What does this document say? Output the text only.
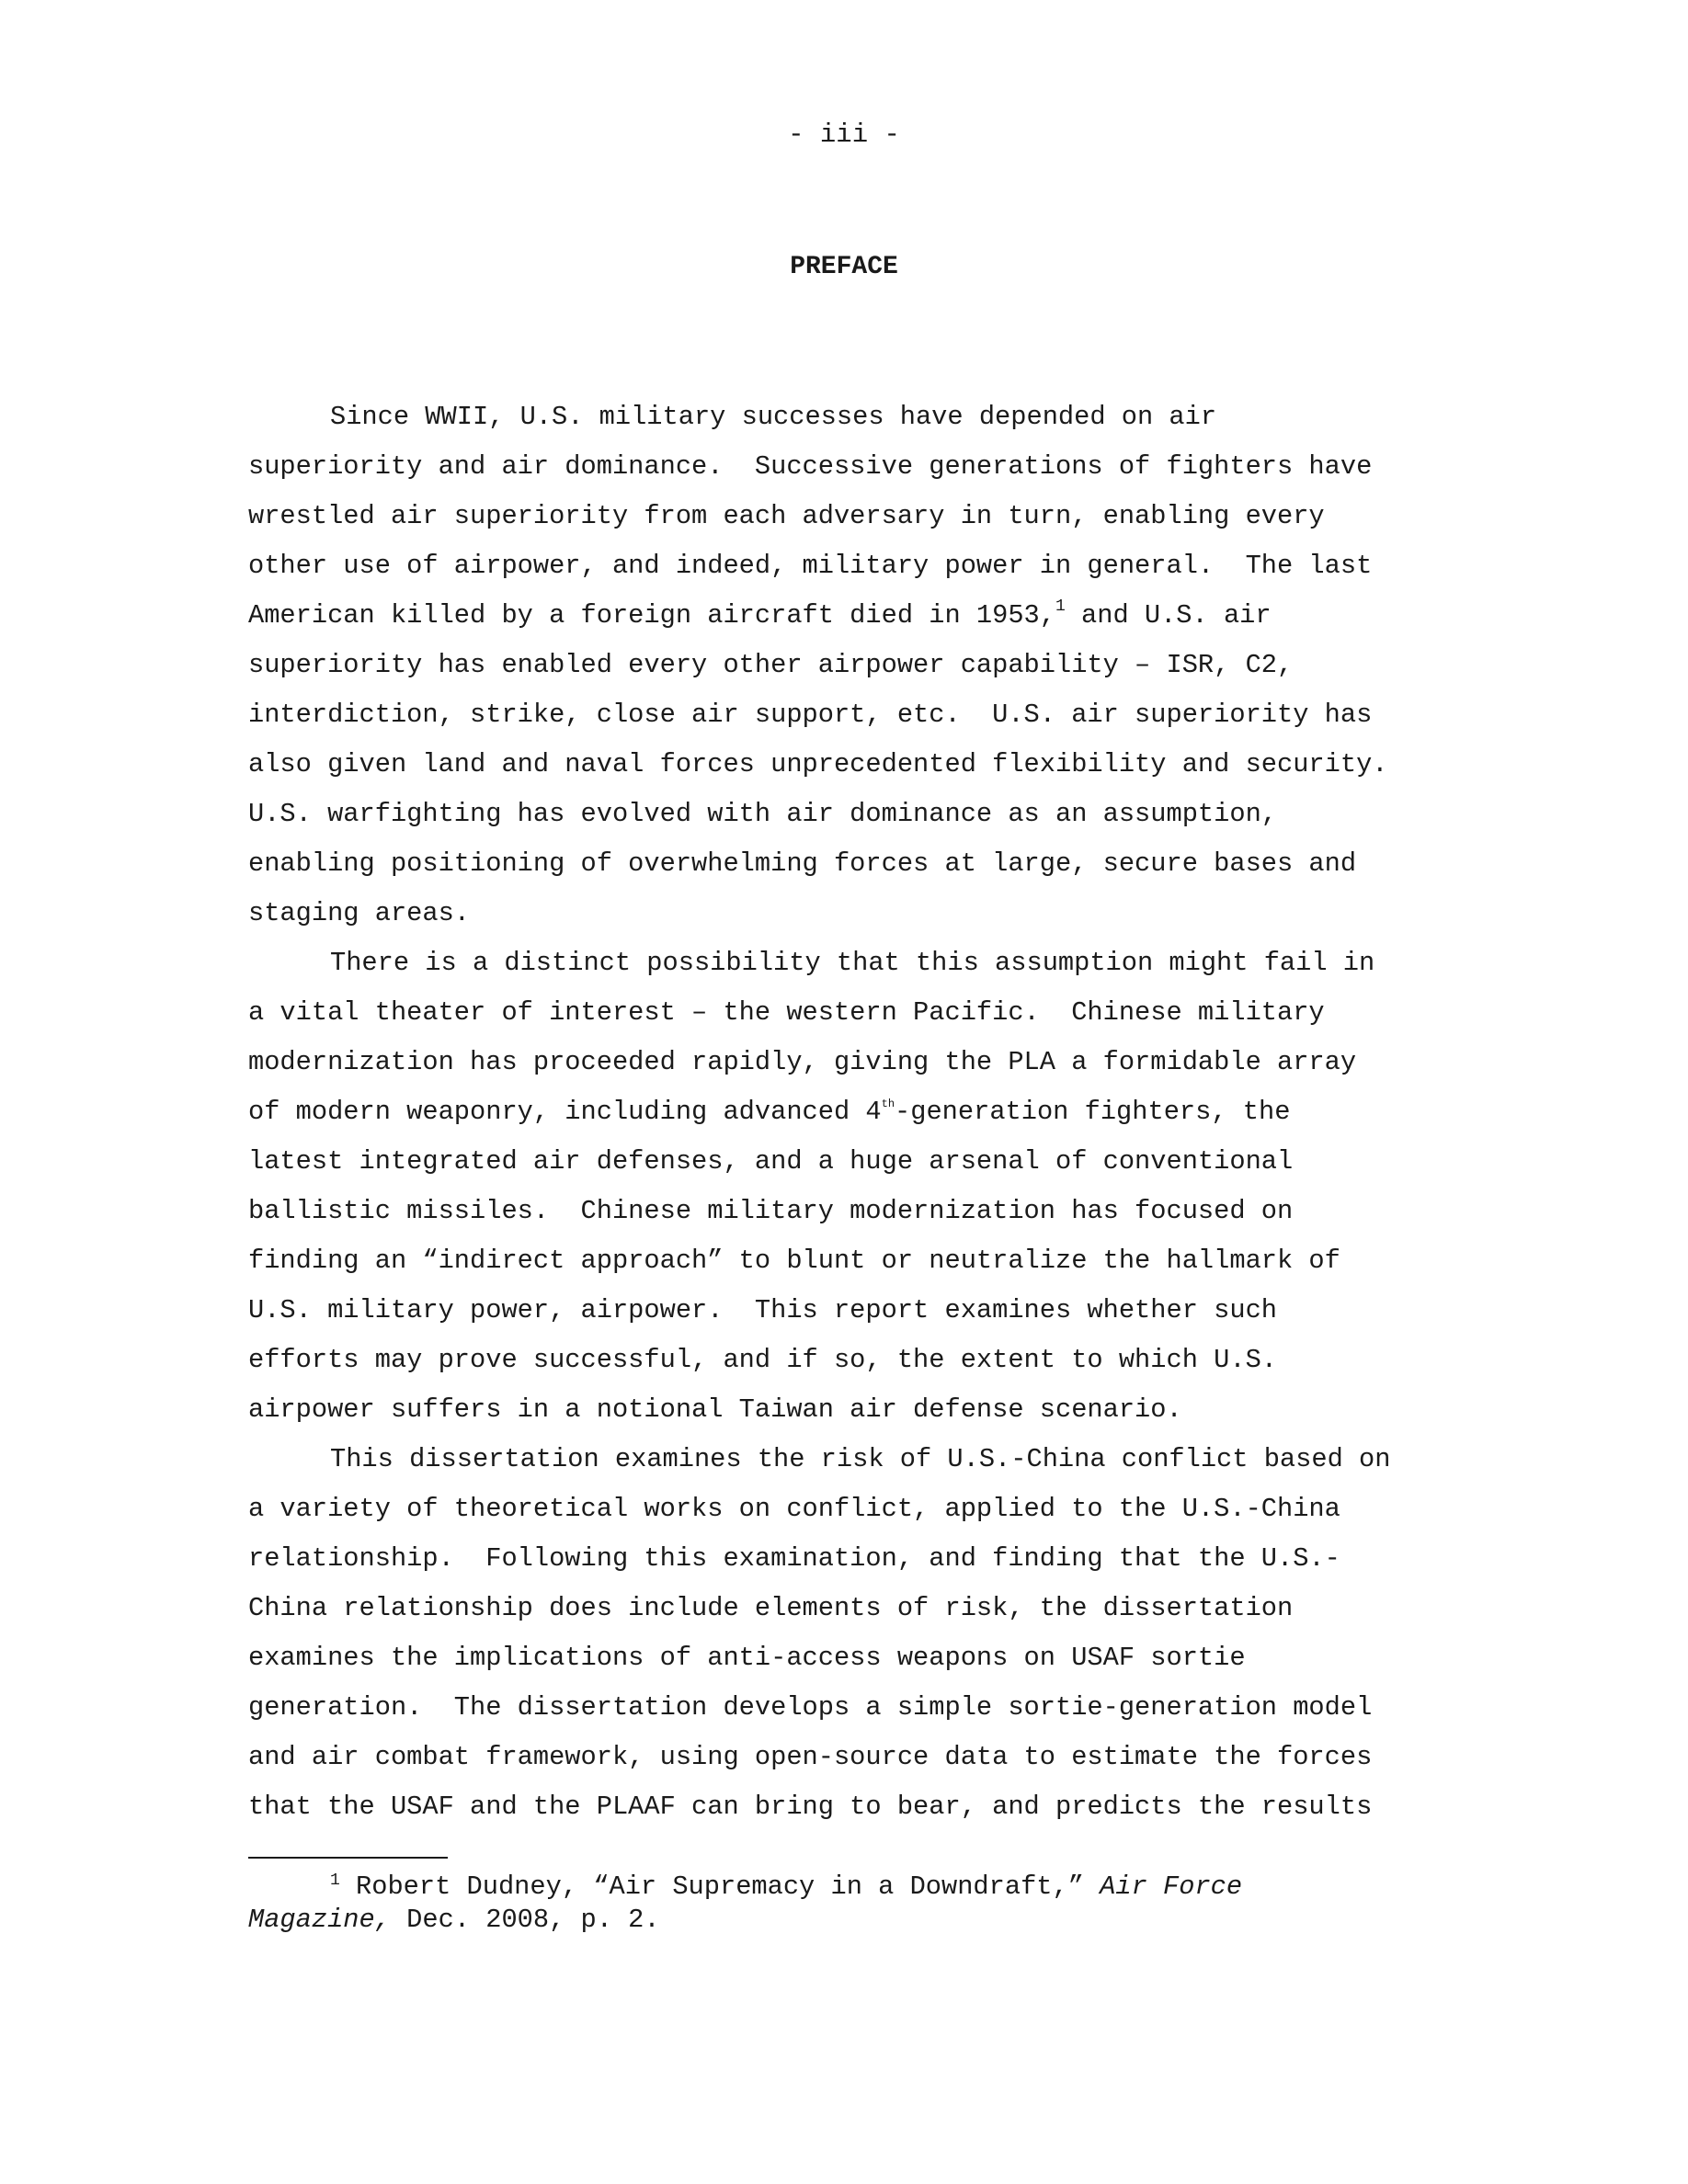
- iii -
PREFACE
Since WWII, U.S. military successes have depended on air
superiority and air dominance.  Successive generations of fighters have
wrestled air superiority from each adversary in turn, enabling every
other use of airpower, and indeed, military power in general.  The last
American killed by a foreign aircraft died in 1953,$^1$ and U.S. air
superiority has enabled every other airpower capability – ISR, C2,
interdiction, strike, close air support, etc.  U.S. air superiority has
also given land and naval forces unprecedented flexibility and security.
U.S. warfighting has evolved with air dominance as an assumption,
enabling positioning of overwhelming forces at large, secure bases and
staging areas.
There is a distinct possibility that this assumption might fail in
a vital theater of interest – the western Pacific.  Chinese military
modernization has proceeded rapidly, giving the PLA a formidable array
of modern weaponry, including advanced 4th-generation fighters, the
latest integrated air defenses, and a huge arsenal of conventional
ballistic missiles.  Chinese military modernization has focused on
finding an “indirect approach” to blunt or neutralize the hallmark of
U.S. military power, airpower.  This report examines whether such
efforts may prove successful, and if so, the extent to which U.S.
airpower suffers in a notional Taiwan air defense scenario.
This dissertation examines the risk of U.S.-China conflict based on
a variety of theoretical works on conflict, applied to the U.S.-China
relationship.  Following this examination, and finding that the U.S.-
China relationship does include elements of risk, the dissertation
examines the implications of anti-access weapons on USAF sortie
generation.  The dissertation develops a simple sortie-generation model
and air combat framework, using open-source data to estimate the forces
that the USAF and the PLAAF can bring to bear, and predicts the results
$^1$ Robert Dudney, “Air Supremacy in a Downdraft,” Air Force
Magazine, Dec. 2008, p. 2.
